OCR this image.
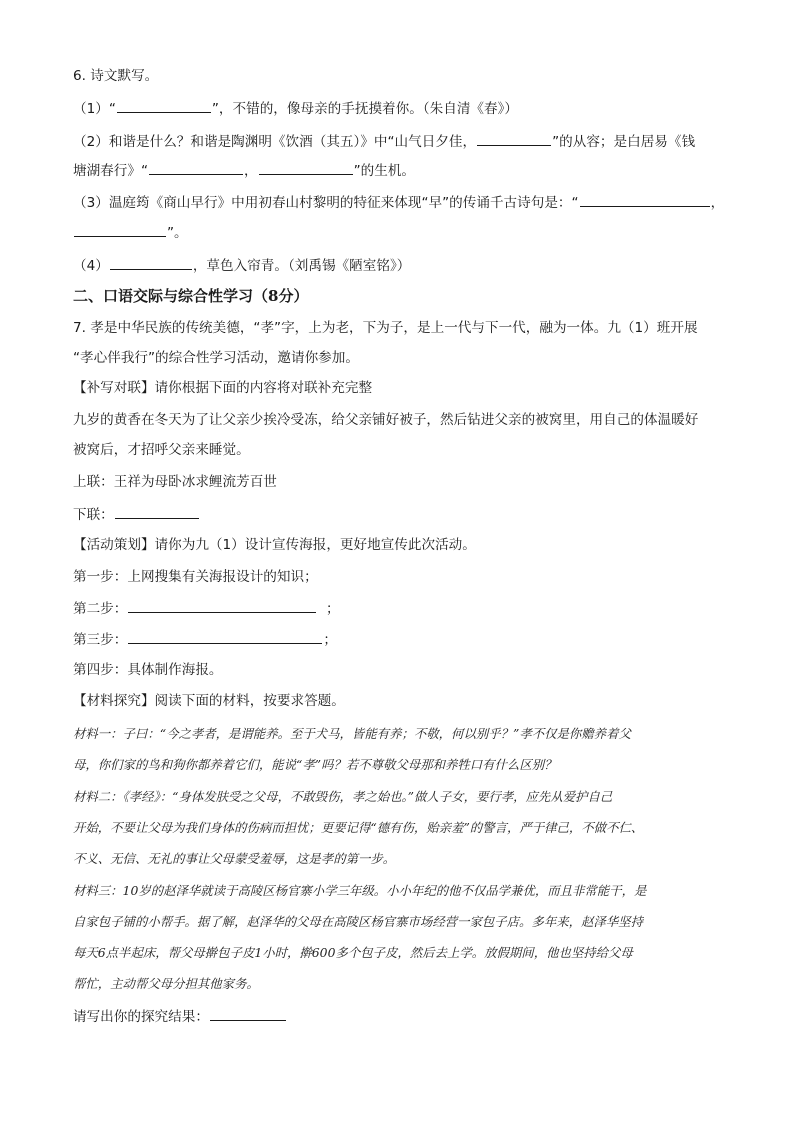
6. 诗文默写。
（1）“	”，不错的，像母亲的手抚摸着你。（朱自清《春》）
（2）和谐是什么？和谐是陶渊明《饮酒（其五）》中“山气日夕佳，	”的从容；是白居易《钱
塘湖春行》“	，	”的生机。
（3）温庭筠《商山早行》中用初春山村黎明的特征来体现“早”的传诵千古诗句是：“	，
”。
（4）	，草色入帘青。（刘禹锡《陋室铭》）
二、口语交际与综合性学习（8分）
7. 孝是中华民族的传统美德，“孝”字，上为老，下为子，是上一代与下一代，融为一体。九（1）班开展
“孝心伴我行”的综合性学习活动，邀请你参加。
【补写对联】请你根据下面的内容将对联补充完整
九岁的黄香在冬天为了让父亲少挨冷受冻，给父亲铺好被子，然后钻进父亲的被窝里，用自己的体温暖好
被窝后，才招呼父亲来睡觉。
上联：王祥为母卧冰求鲤流芳百世
下联：
【活动策划】请你为九（1）设计宣传海报，更好地宣传此次活动。
第一步：上网搜集有关海报设计的知识；
第二步：	；
第三步：	；
第四步：具体制作海报。
【材料探究】阅读下面的材料，按要求答题。
材料一：子曰：“今之孝者，是谓能养。至于犬马，皆能有养；不敬，何以别乎？”孝不仅是你赡养着父
母，你们家的鸟和狗你都养着它们，能说“孝”吗？若不尊敬父母那和养牲口有什么区别？
材料二：《孝经》：“身体发肤受之父母，不敢毁伤，孝之始也。”做人子女，要行孝，应先从爱护自己
开始，不要让父母为我们身体的伤病而担忧；更要记得“德有伤，贻亲羞”的警言，严于律己，不做不仁、
不义、无信、无礼的事让父母蒙受羞辱，这是孝的第一步。
材料三：10岁的赵泽华就读于高陵区杨官寨小学三年级。小小年纪的他不仅品学兼优，而且非常能干，是
自家包子铺的小帮手。据了解，赵泽华的父母在高陵区杨官寨市场经营一家包子店。多年来，赵泽华坚持
每天6点半起床，帮父母擀包子皮1小时，擀600多个包子皮，然后去上学。放假期间，他也坚持给父母
帮忙，主动帮父母分担其他家务。
请写出你的探究结果：
